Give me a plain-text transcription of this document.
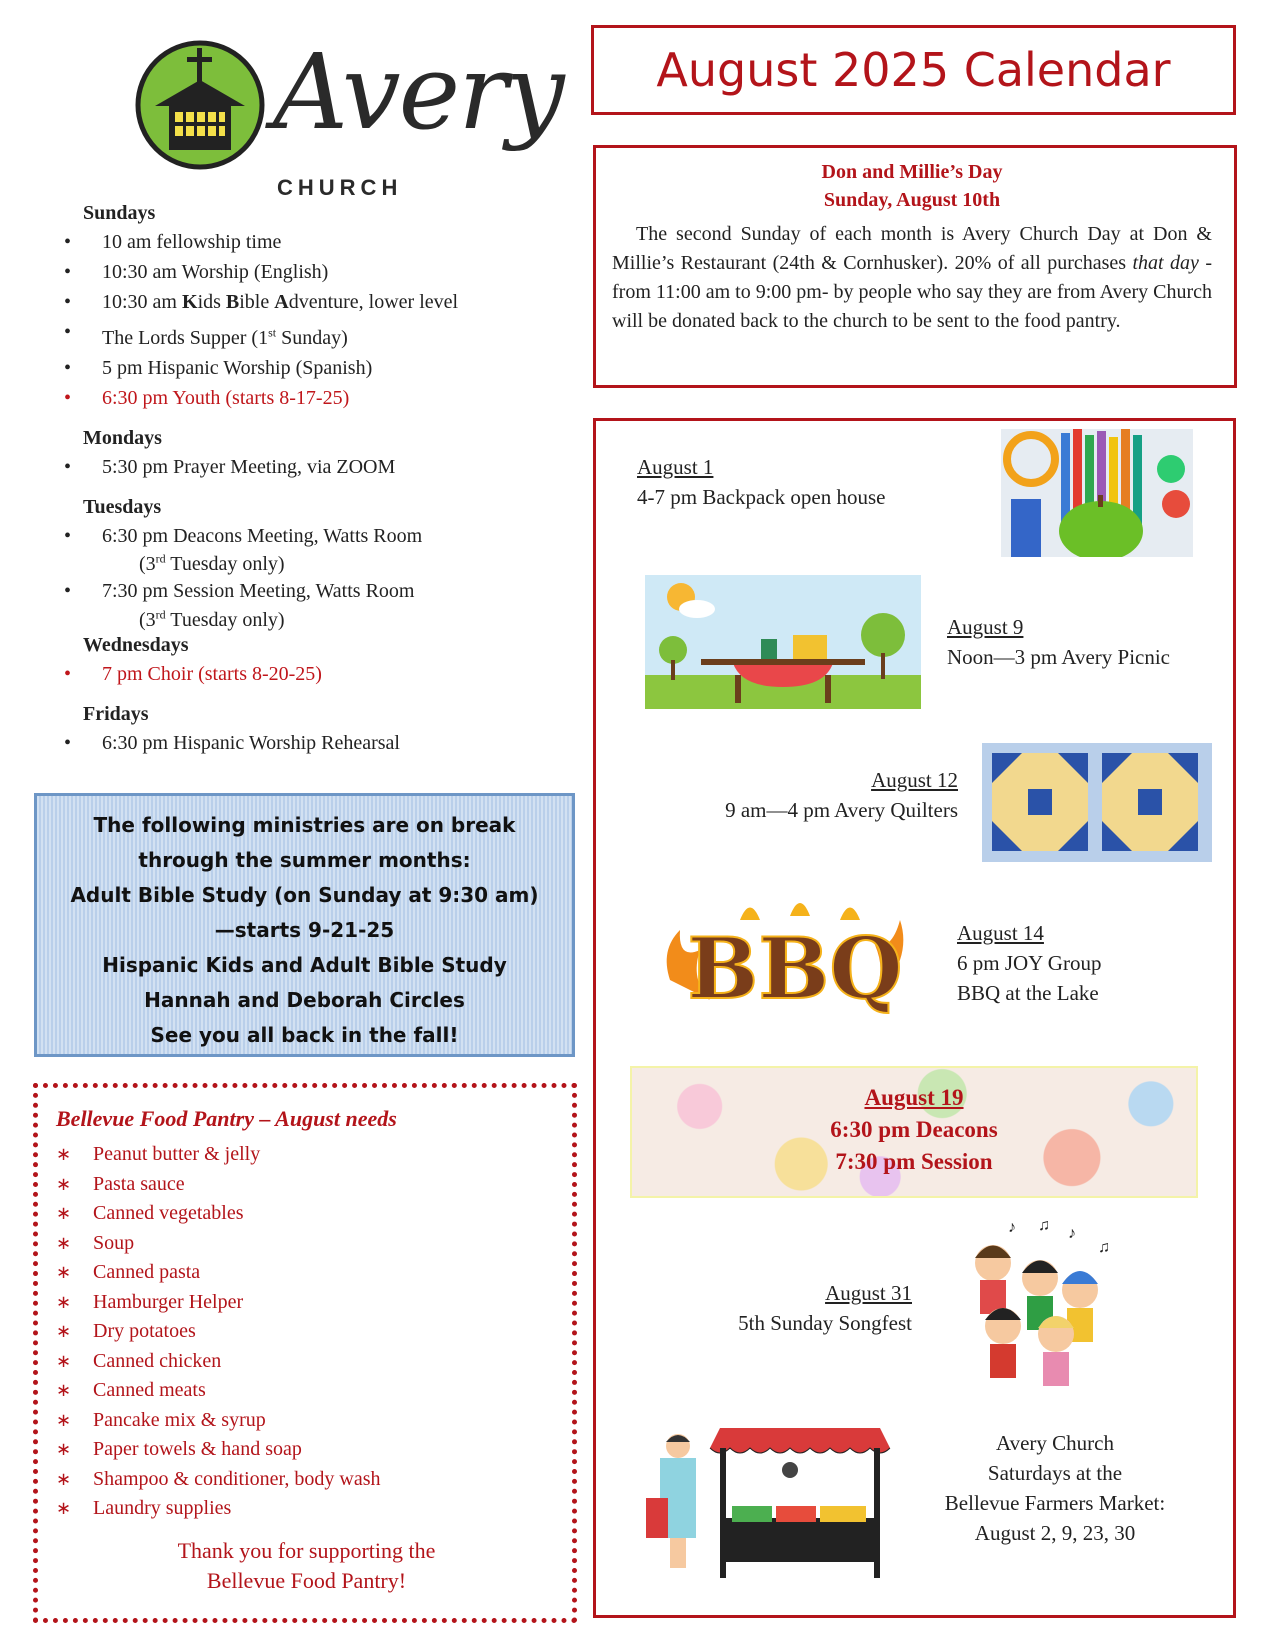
Avery
CHURCH
Sundays
• 10 am fellowship time
• 10:30 am Worship (English)
• 10:30 am Kids Bible Adventure, lower level
• The Lords Supper (1st Sunday)
• 5 pm Hispanic Worship (Spanish)
• 6:30 pm Youth (starts 8-17-25)
Mondays
• 5:30 pm Prayer Meeting, via ZOOM
Tuesdays
• 6:30 pm Deacons Meeting, Watts Room
(3rd Tuesday only)
• 7:30 pm Session Meeting, Watts Room
(3rd Tuesday only)
Wednesdays
• 7 pm Choir (starts 8-20-25)
Fridays
• 6:30 pm Hispanic Worship Rehearsal
The following ministries are on break
through the summer months:
Adult Bible Study (on Sunday at 9:30 am)
—starts 9-21-25
Hispanic Kids and Adult Bible Study
Hannah and Deborah Circles
See you all back in the fall!
Bellevue Food Pantry – August needs
∗ Peanut butter & jelly
∗ Pasta sauce
∗ Canned vegetables
∗ Soup
∗ Canned pasta
∗ Hamburger Helper
∗ Dry potatoes
∗ Canned chicken
∗ Canned meats
∗ Pancake mix & syrup
∗ Paper towels & hand soap
∗ Shampoo & conditioner, body wash
∗ Laundry supplies
Thank you for supporting the
Bellevue Food Pantry!
August 2025 Calendar
Don and Millie’s Day
Sunday, August 10th
The second Sunday of each month is Avery Church Day at Don & Millie’s Restaurant (24th & Cornhusker). 20% of all purchases that day -from 11:00 am to 9:00 pm- by people who say they are from Avery Church will be donated back to the church to be sent to the food pantry.
August 1
4-7 pm Backpack open house
August 9
Noon—3 pm Avery Picnic
August 12
9 am—4 pm Avery Quilters
BBQ	August 14
6 pm JOY Group
BBQ at the Lake
August 19
6:30 pm Deacons
7:30 pm Session
August 31
5th Sunday Songfest
♪ ♫ ♪
♫
Avery Church
Saturdays at the
Bellevue Farmers Market:
August 2, 9, 23, 30
